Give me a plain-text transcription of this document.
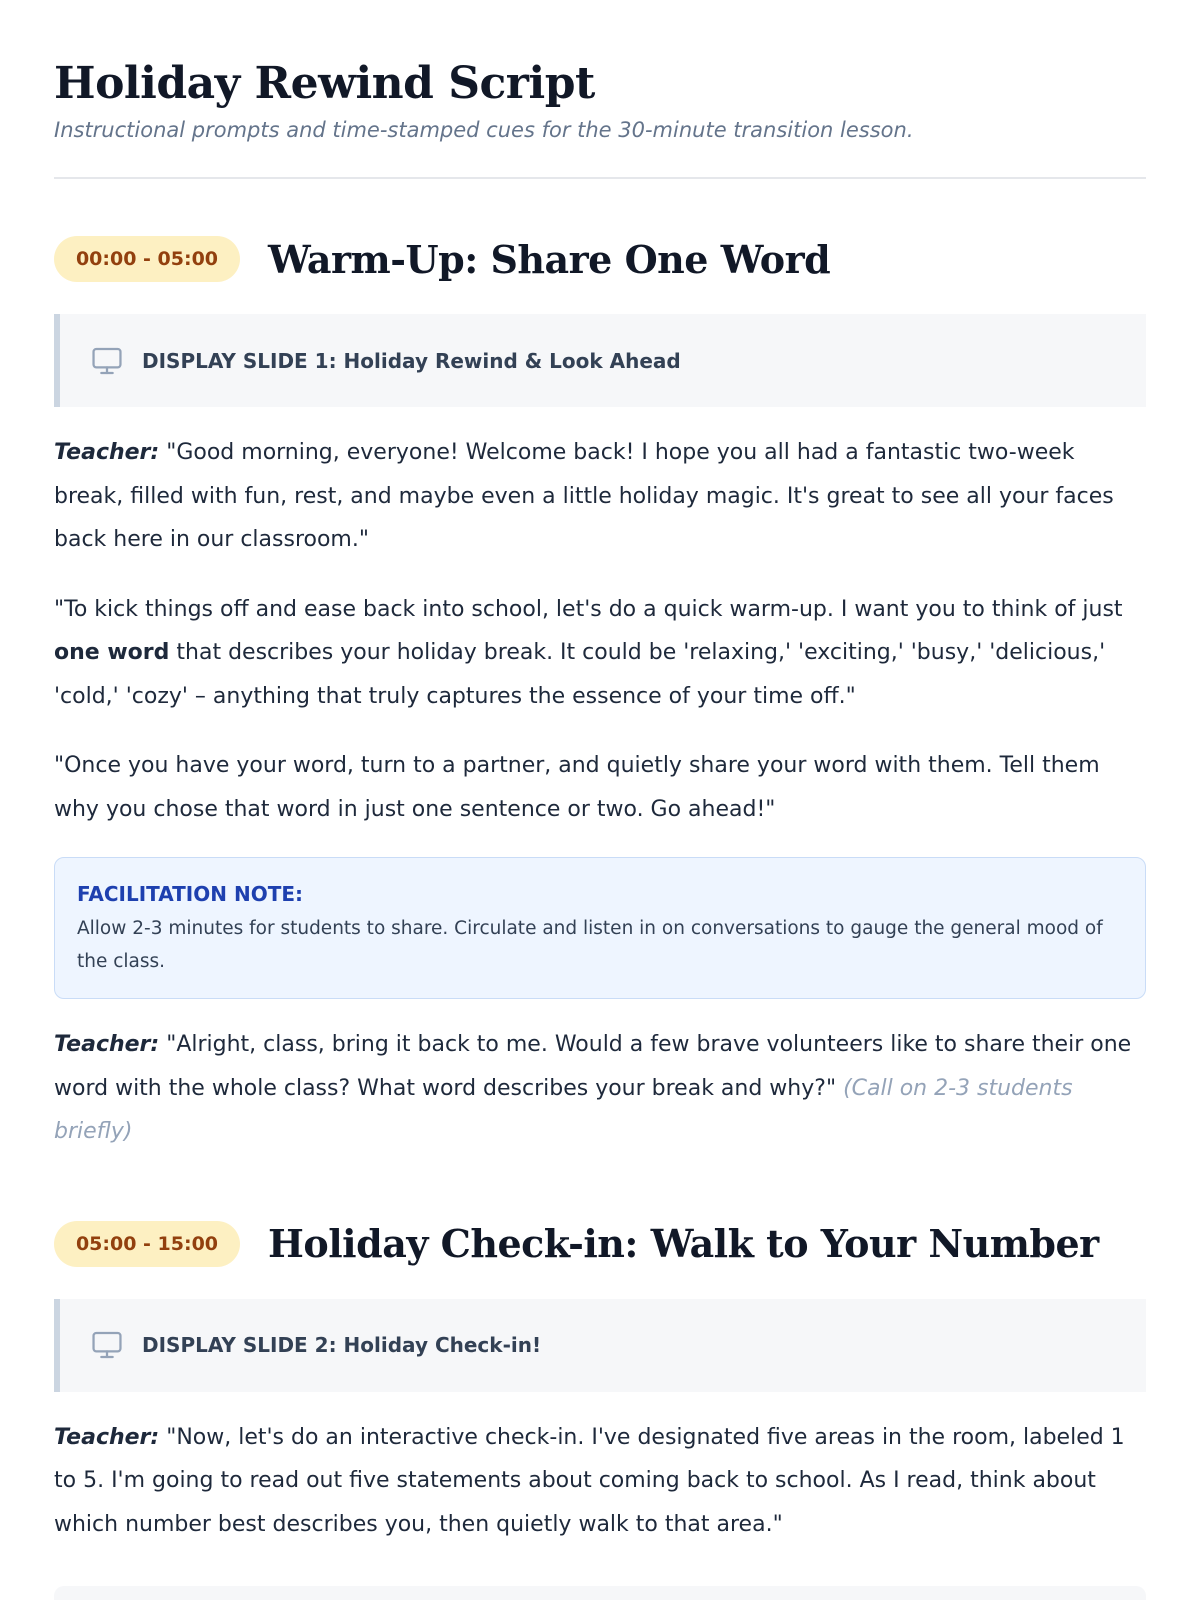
Holiday Rewind Script

Instructional prompts and time-stamped cues for the 30-minute transition lesson.

00:00 - 05:00	Warm-Up: Share One Word
DISPLAY SLIDE 1: Holiday Rewind & Look Ahead

Teacher: "Good morning, everyone! Welcome back! I hope you all had a fantastic two-week break, filled with fun, rest, and maybe even a little holiday magic. It's great to see all your faces back here in our classroom."

"To kick things off and ease back into school, let's do a quick warm-up. I want you to think of just one word that describes your holiday break. It could be 'relaxing,' 'exciting,' 'busy,' 'delicious,' 'cold,' 'cozy' – anything that truly captures the essence of your time off."

"Once you have your word, turn to a partner, and quietly share your word with them. Tell them why you chose that word in just one sentence or two. Go ahead!"

FACILITATION NOTE:
Allow 2-3 minutes for students to share. Circulate and listen in on conversations to gauge the general mood of the class.

Teacher: "Alright, class, bring it back to me. Would a few brave volunteers like to share their one word with the whole class? What word describes your break and why?" (Call on 2-3 students briefly)

05:00 - 15:00	Holiday Check-in: Walk to Your Number
DISPLAY SLIDE 2: Holiday Check-in!

Teacher: "Now, let's do an interactive check-in. I've designated five areas in the room, labeled 1 to 5. I'm going to read out five statements about coming back to school. As I read, think about which number best describes you, then quietly walk to that area."
